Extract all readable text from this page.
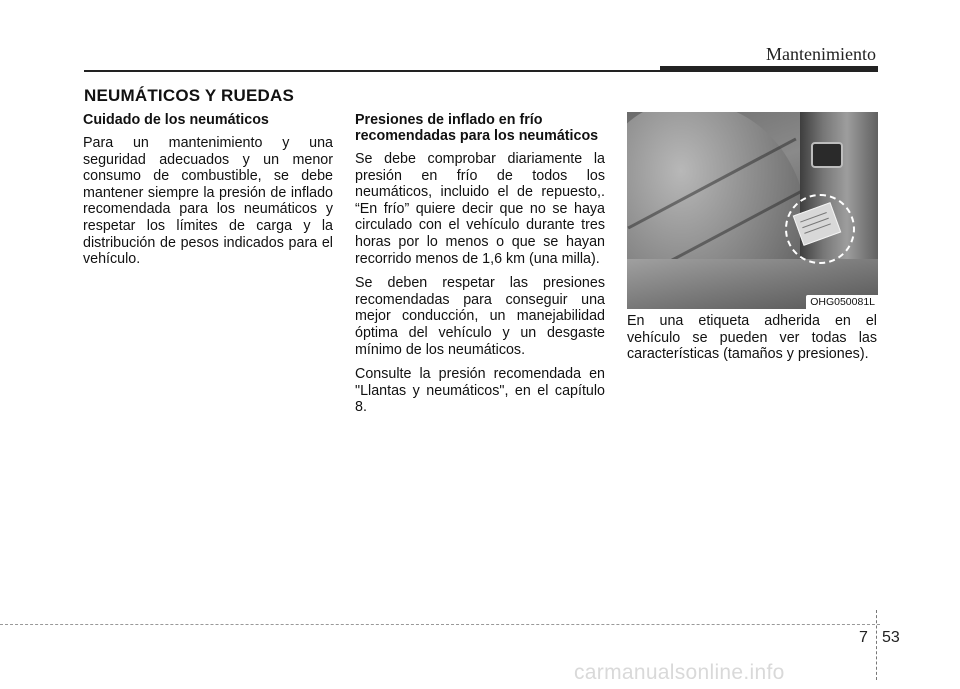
Mantenimiento
NEUMÁTICOS Y RUEDAS
Cuidado de los neumáticos

Para un mantenimiento y una seguridad adecuados y un menor consumo de combustible, se debe mantener siempre la presión de inflado recomendada para los neumáticos y respetar los límites de carga y la distribución de pesos indicados para el vehículo.

Presiones de inflado en frío recomendadas para los neumáticos

Se debe comprobar diariamente la presión en frío de todos los neumáticos, incluido el de repuesto,. “En frío” quiere decir que no se haya circulado con el vehículo durante tres horas por lo menos o que se hayan recorrido menos de 1,6 km (una milla).

Se deben respetar las presiones recomendadas para conseguir una mejor conducción, un manejabilidad óptima del vehículo y un desgaste mínimo de los neumáticos.

Consulte la presión recomendada en "Llantas y neumáticos", en el capítulo 8.

OHG050081L

En una etiqueta adherida en el vehículo se pueden ver todas las características (tamaños y presiones).

7 53
carmanualsonline.info
